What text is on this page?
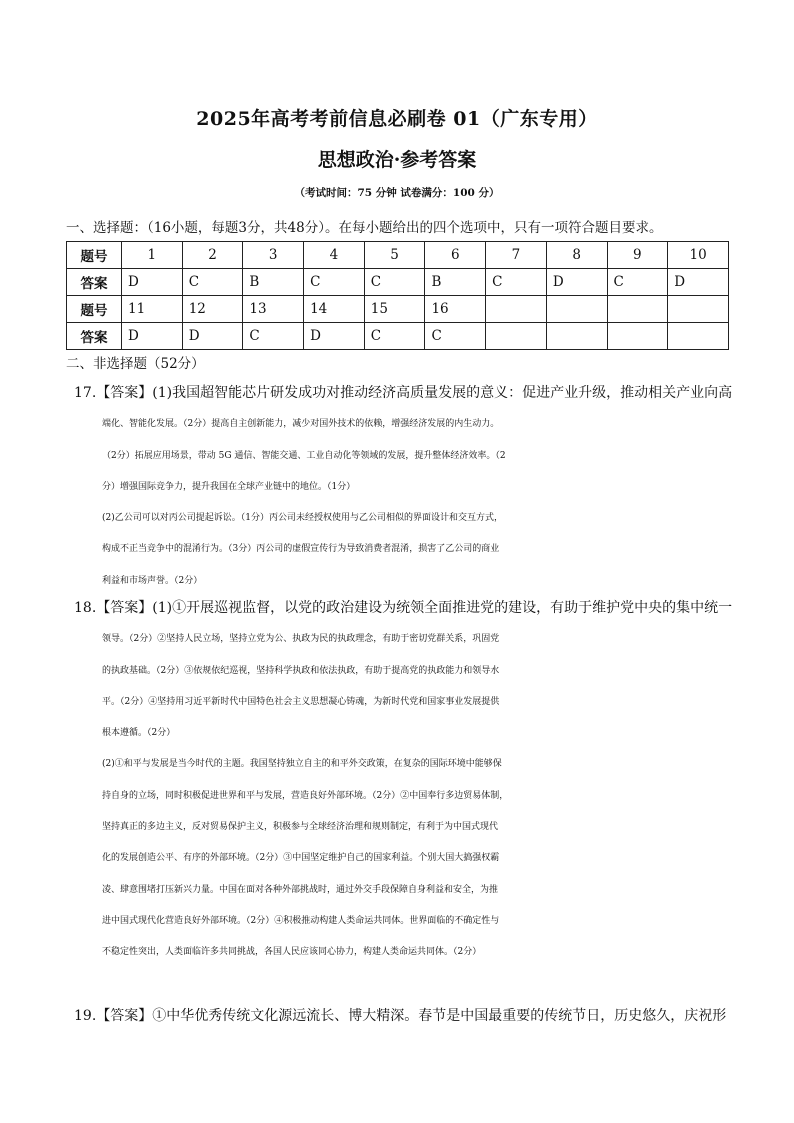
2025年高考考前信息必刷卷 01（广东专用）
思想政治·参考答案
（考试时间：75 分钟 试卷满分：100 分）
一、选择题：（16小题，每题3分，共48分）。在每小题给出的四个选项中，只有一项符合题目要求。
题号	1	2	3	4	5	6	7	8	9	10
答案	D	C	B	C	C	B	C	D	C	D
题号	11	12	13	14	15	16				
答案	D	D	C	D	C	C				
二、非选择题（52分）
17.【答案】(1)我国超智能芯片研发成功对推动经济高质量发展的意义：促进产业升级，推动相关产业向高
端化、智能化发展。（2分）提高自主创新能力，减少对国外技术的依赖，增强经济发展的内生动力。
（2分）拓展应用场景，带动 5G 通信、智能交通、工业自动化等领域的发展，提升整体经济效率。（2
分）增强国际竞争力，提升我国在全球产业链中的地位。（1分）
(2)乙公司可以对丙公司提起诉讼。（1分）丙公司未经授权使用与乙公司相似的界面设计和交互方式，
构成不正当竞争中的混淆行为。（3分）丙公司的虚假宣传行为导致消费者混淆，损害了乙公司的商业
利益和市场声誉。（2分）
18.【答案】(1)①开展巡视监督，以党的政治建设为统领全面推进党的建设，有助于维护党中央的集中统一
领导。（2分）②坚持人民立场，坚持立党为公、执政为民的执政理念，有助于密切党群关系，巩固党
的执政基础。（2分）③依规依纪巡视，坚持科学执政和依法执政，有助于提高党的执政能力和领导水
平。（2分）④坚持用习近平新时代中国特色社会主义思想凝心铸魂，为新时代党和国家事业发展提供
根本遵循。（2分）
(2)①和平与发展是当今时代的主题。我国坚持独立自主的和平外交政策，在复杂的国际环境中能够保
持自身的立场，同时积极促进世界和平与发展，营造良好外部环境。（2分）②中国奉行多边贸易体制，
坚持真正的多边主义，反对贸易保护主义，积极参与全球经济治理和规则制定，有利于为中国式现代
化的发展创造公平、有序的外部环境。（2分）③中国坚定维护自己的国家利益。个别大国大搞强权霸
凌、肆意围堵打压新兴力量。中国在面对各种外部挑战时，通过外交手段保障自身利益和安全，为推
进中国式现代化营造良好外部环境。（2分）④积极推动构建人类命运共同体。世界面临的不确定性与
不稳定性突出，人类面临许多共同挑战，各国人民应该同心协力，构建人类命运共同体。（2分）
19.【答案】①中华优秀传统文化源远流长、博大精深。春节是中国最重要的传统节日，历史悠久，庆祝形
